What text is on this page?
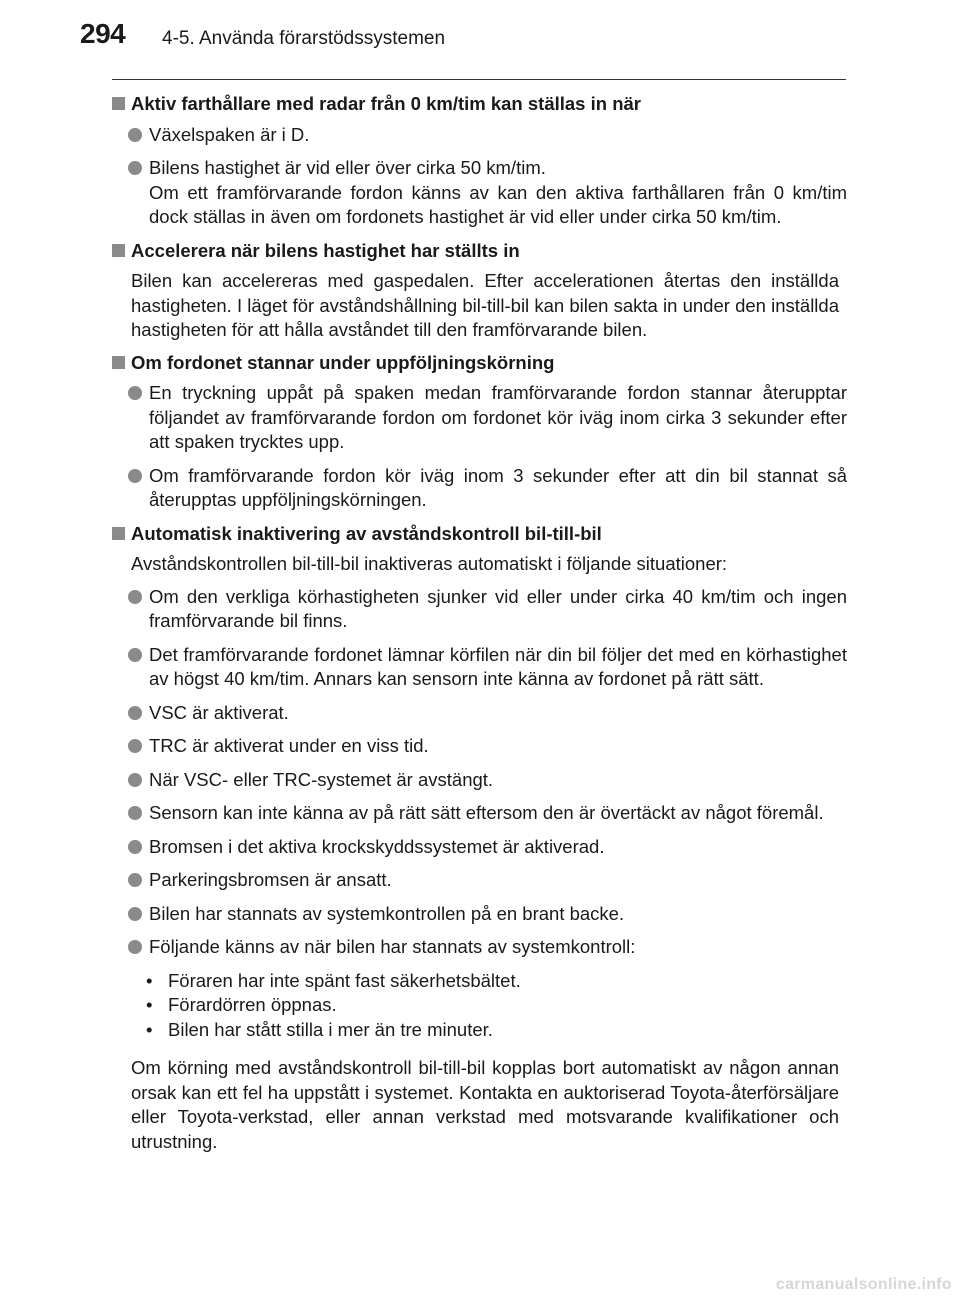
294 4-5. Använda förarstödssystemen
Aktiv farthållare med radar från 0 km/tim kan ställas in när
Växelspaken är i D.
Bilens hastighet är vid eller över cirka 50 km/tim.
Om ett framförvarande fordon känns av kan den aktiva farthållaren från 0 km/tim dock ställas in även om fordonets hastighet är vid eller under cirka 50 km/tim.
Accelerera när bilens hastighet har ställts in
Bilen kan accelereras med gaspedalen. Efter accelerationen återtas den inställda hastigheten. I läget för avståndshållning bil-till-bil kan bilen sakta in under den inställda hastigheten för att hålla avståndet till den framförvarande bilen.
Om fordonet stannar under uppföljningskörning
En tryckning uppåt på spaken medan framförvarande fordon stannar återupptar följandet av framförvarande fordon om fordonet kör iväg inom cirka 3 sekunder efter att spaken trycktes upp.
Om framförvarande fordon kör iväg inom 3 sekunder efter att din bil stannat så återupptas uppföljningskörningen.
Automatisk inaktivering av avståndskontroll bil-till-bil
Avståndskontrollen bil-till-bil inaktiveras automatiskt i följande situationer:
Om den verkliga körhastigheten sjunker vid eller under cirka 40 km/tim och ingen framförvarande bil finns.
Det framförvarande fordonet lämnar körfilen när din bil följer det med en körhastighet av högst 40 km/tim. Annars kan sensorn inte känna av fordonet på rätt sätt.
VSC är aktiverat.
TRC är aktiverat under en viss tid.
När VSC- eller TRC-systemet är avstängt.
Sensorn kan inte känna av på rätt sätt eftersom den är övertäckt av något föremål.
Bromsen i det aktiva krockskyddssystemet är aktiverad.
Parkeringsbromsen är ansatt.
Bilen har stannats av systemkontrollen på en brant backe.
Följande känns av när bilen har stannats av systemkontroll:
• Föraren har inte spänt fast säkerhetsbältet.
• Förardörren öppnas.
• Bilen har stått stilla i mer än tre minuter.
Om körning med avståndskontroll bil-till-bil kopplas bort automatiskt av någon annan orsak kan ett fel ha uppstått i systemet. Kontakta en auktoriserad Toyota-återförsäljare eller Toyota-verkstad, eller annan verkstad med motsvarande kvalifikationer och utrustning.
carmanualsonline.info
